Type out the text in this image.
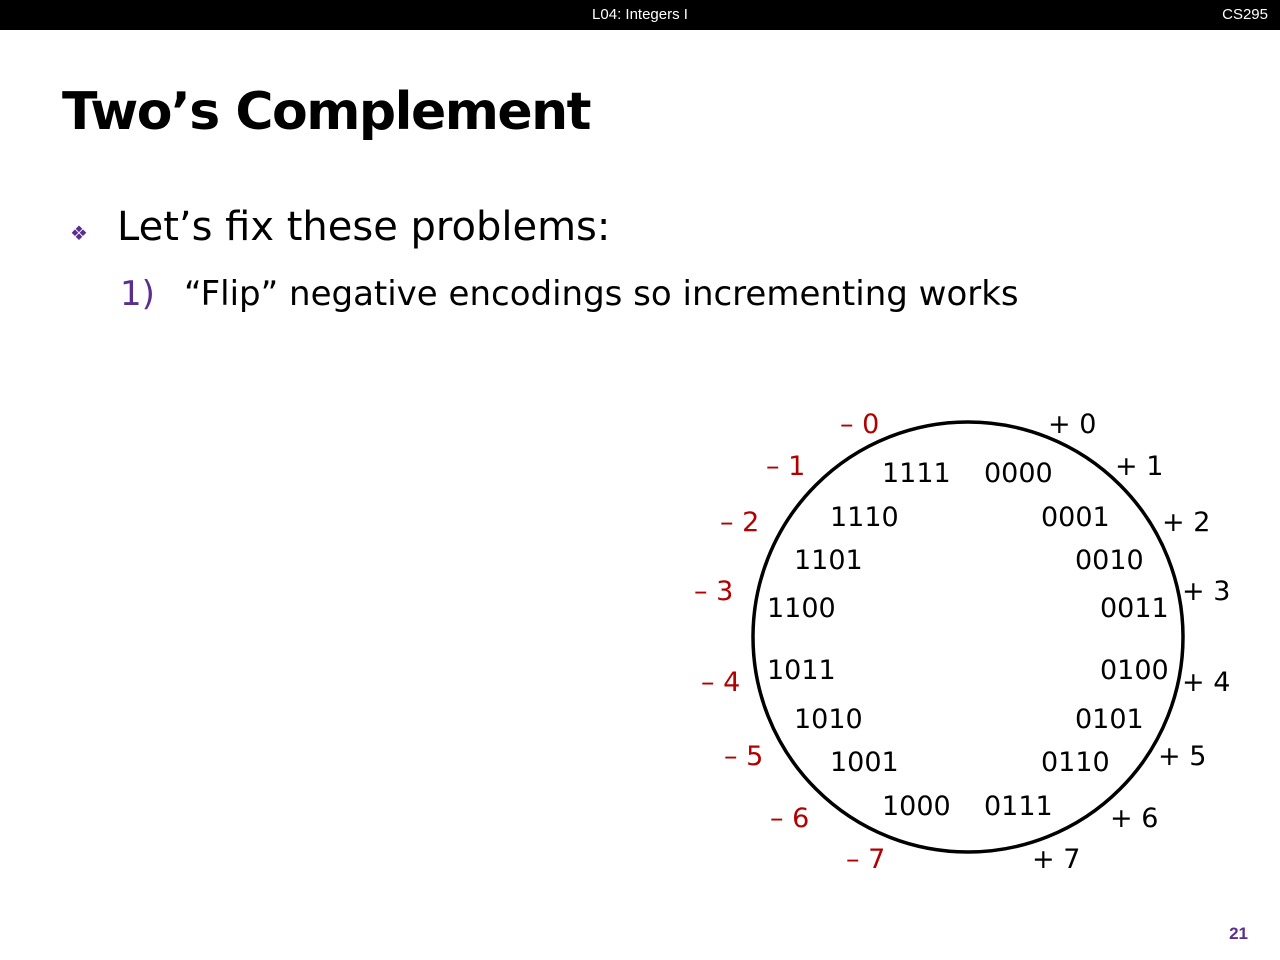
L04: Integers I	CS295
Two’s Complement
❖ Let’s fix these problems:
1) “Flip” negative encodings so incrementing works
0000
0001
0010
0011
0100
0101
0110
0111
1000
1001
1010
1011
1100
1101
1110
1111
+ 0
+ 1
+ 2
+ 3
+ 4
+ 5
+ 6
+ 7
– 0
– 1
– 2
– 3
– 4
– 5
– 6
– 7
21
